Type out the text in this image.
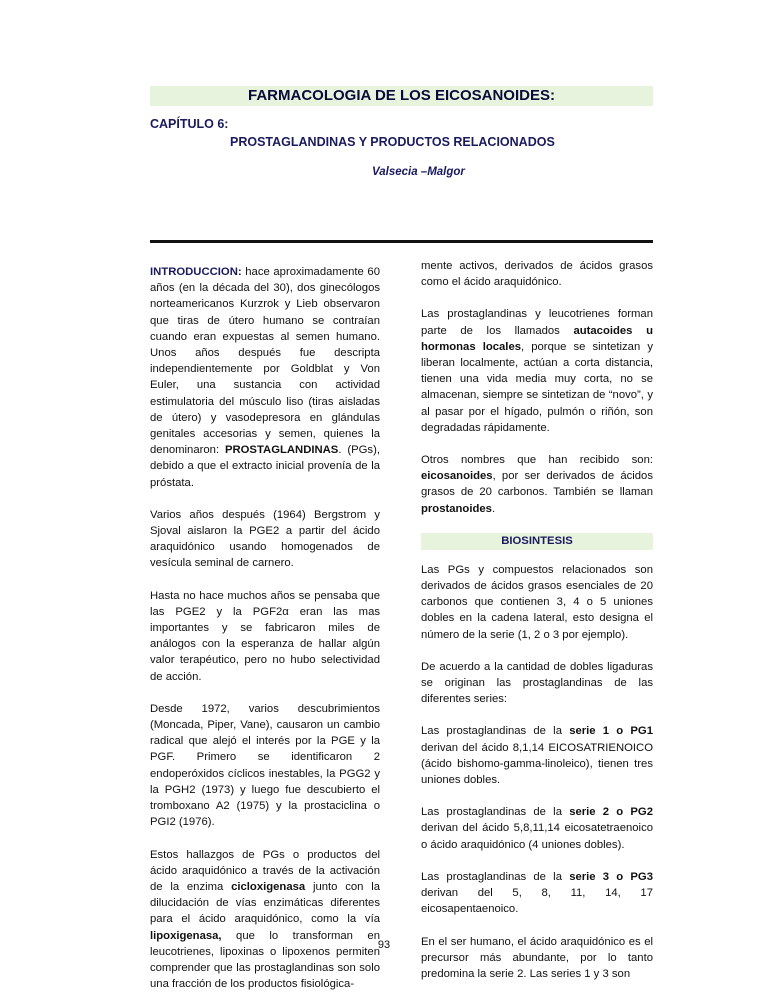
FARMACOLOGIA DE LOS EICOSANOIDES:
CAPÍTULO 6:
PROSTAGLANDINAS Y PRODUCTOS RELACIONADOS
Valsecia –Malgor

INTRODUCCION: hace aproximadamente 60 años (en la década del 30), dos ginecólogos norteamericanos Kurzrok y Lieb observaron que tiras de útero humano se contraían cuando eran expuestas al semen humano. Unos años después fue descripta independientemente por Goldblat y Von Euler, una sustancia con actividad estimulatoria del músculo liso (tiras aisladas de útero) y vasodepresora en glándulas genitales accesorias y semen, quienes la denominaron: PROSTAGLANDINAS. (PGs), debido a que el extracto inicial provenía de la próstata.

Varios años después (1964) Bergstrom y Sjoval aislaron la PGE2 a partir del ácido araquidónico usando homogenados de vesícula seminal de carnero.

Hasta no hace muchos años se pensaba que las PGE2 y la PGF2α eran las mas importantes y se fabricaron miles de análogos con la esperanza de hallar algún valor terapéutico, pero no hubo selectividad de acción.

Desde 1972, varios descubrimientos (Moncada, Piper, Vane), causaron un cambio radical que alejó el interés por la PGE y la PGF. Primero se identificaron 2 endoperóxidos cíclicos inestables, la PGG2 y la PGH2 (1973) y luego fue descubierto el tromboxano A2 (1975) y la prostaciclina o PGI2 (1976).

Estos hallazgos de PGs o productos del ácido araquidónico a través de la activación de la enzima cicloxigenasa junto con la dilucidación de vías enzimáticas diferentes para el ácido araquidónico, como la vía lipoxigenasa, que lo transforman en leucotrienes, lipoxinas o lipoxenos permiten comprender que las prostaglandinas son solo una fracción de los productos fisiológica-

mente activos, derivados de ácidos grasos como el ácido araquidónico.

Las prostaglandinas y leucotrienes forman parte de los llamados autacoides u hormonas locales, porque se sintetizan y liberan localmente, actúan a corta distancia, tienen una vida media muy corta, no se almacenan, siempre se sintetizan de “novo”, y al pasar por el hígado, pulmón o riñón, son degradadas rápidamente.

Otros nombres que han recibido son: eicosanoides, por ser derivados de ácidos grasos de 20 carbonos. También se llaman prostanoides.

BIOSINTESIS

Las PGs y compuestos relacionados son derivados de ácidos grasos esenciales de 20 carbonos que contienen 3, 4 o 5 uniones dobles en la cadena lateral, esto designa el número de la serie (1, 2 o 3 por ejemplo).

De acuerdo a la cantidad de dobles ligaduras se originan las prostaglandinas de las diferentes series:

Las prostaglandinas de la serie 1 o PG1 derivan del ácido 8,1,14 EICOSATRIENOICO (ácido bishomo-gamma-linoleico), tienen tres uniones dobles.

Las prostaglandinas de la serie 2 o PG2 derivan del ácido 5,8,11,14 eicosatetraenoico o ácido araquidónico (4 uniones dobles).

Las prostaglandinas de la serie 3 o PG3 derivan del 5, 8, 11, 14, 17 eicosapentaenoico.

En el ser humano, el ácido araquidónico es el precursor más abundante, por lo tanto predomina la serie 2. Las series 1 y 3 son

93
